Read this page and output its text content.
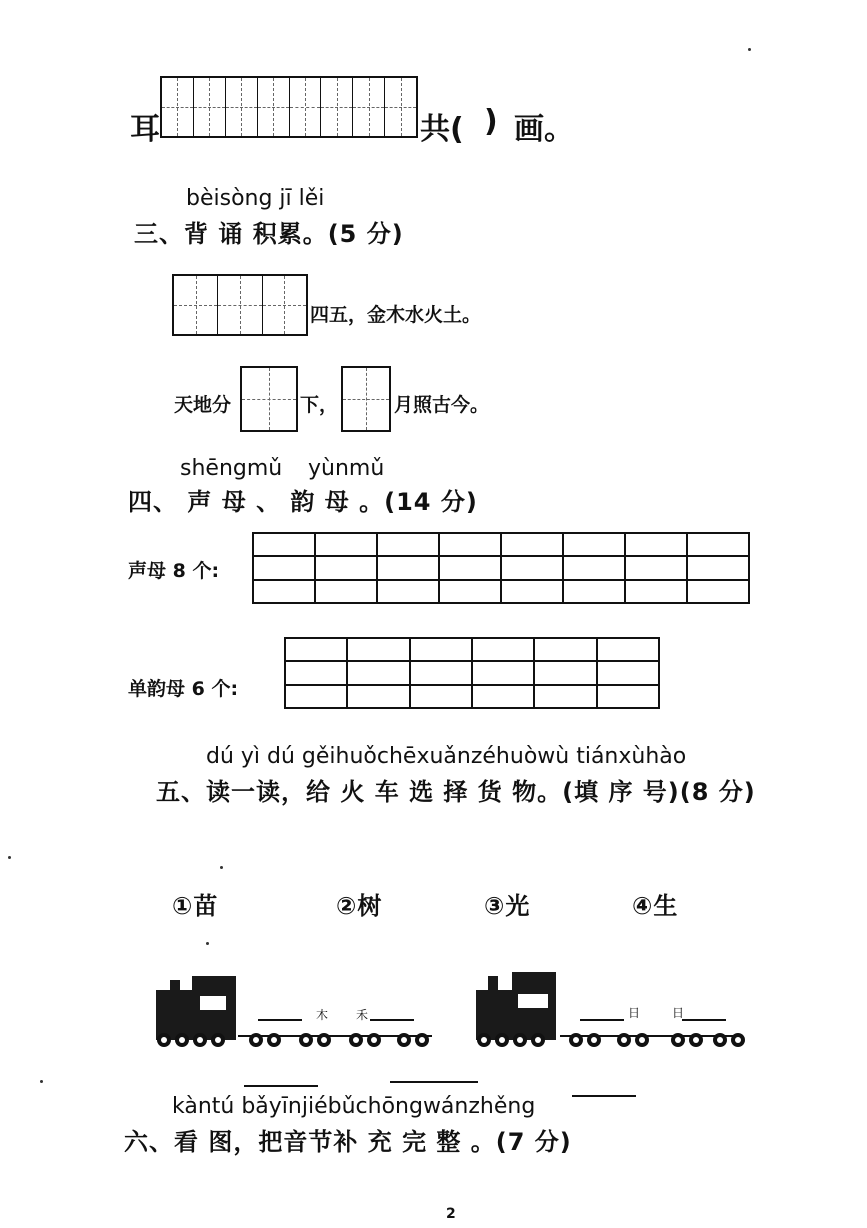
耳	共( ) 画。
bèisòng jī lěi
三、背 诵 积累。(5 分)
四五，金木水火土。
天地分	下，	月照古今。
shēngmǔ yùnmǔ
四、 声 母 、 韵 母 。(14 分)
声母 8 个:

单韵母 6 个:

dú yì dú gěihuǒchēxuǎnzéhuòwù tiánxùhào
五、读一读，给 火 车 选 择 货 物。(填 序 号)(8 分)
①苗	②树	③光	④生
木 禾	日	日
kàntú bǎyīnjiébǔchōngwánzhěng
六、看 图，把音节补 充 完 整 。(7 分)
2
